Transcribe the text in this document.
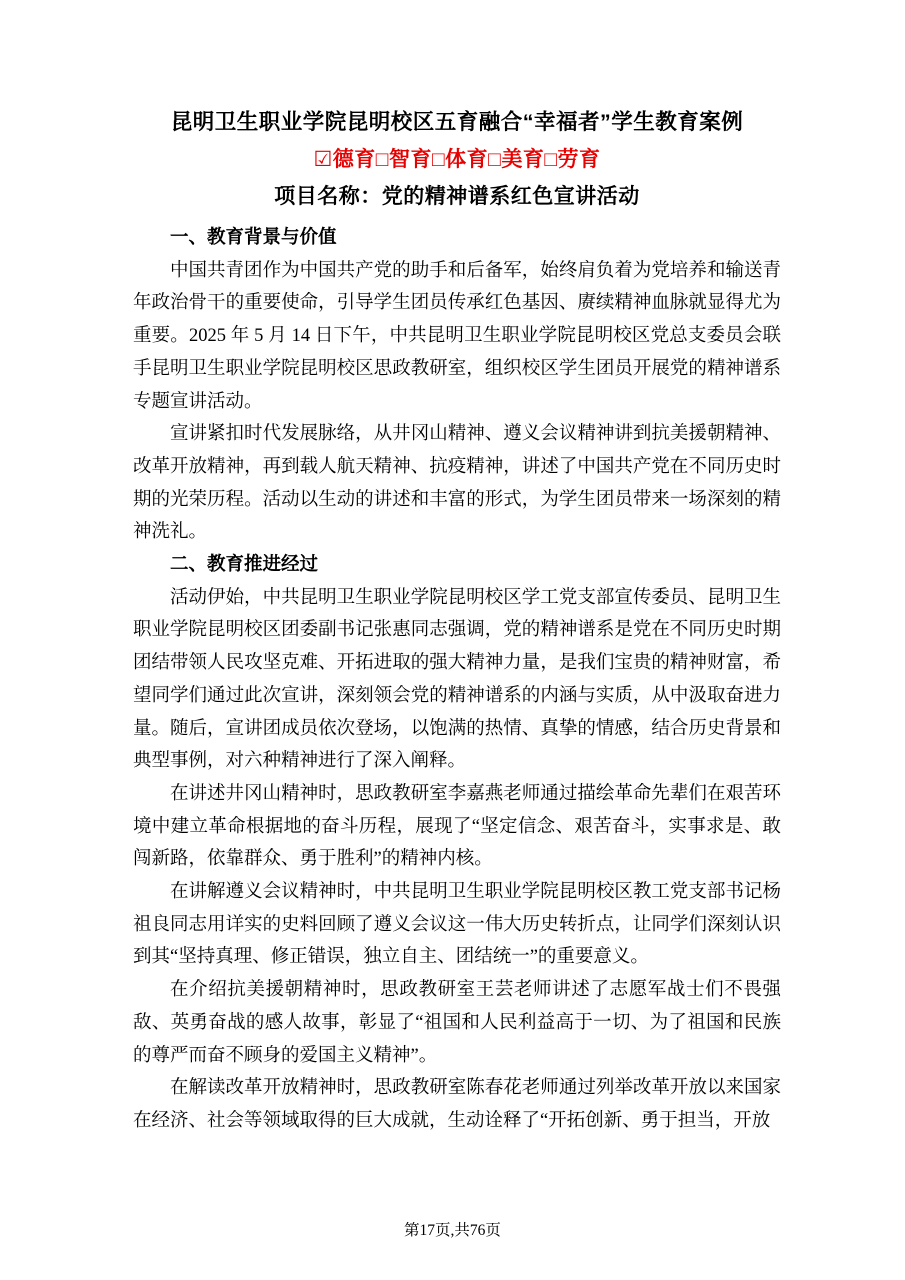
昆明卫生职业学院昆明校区五育融合“幸福者”学生教育案例
☑德育□智育□体育□美育□劳育
项目名称：党的精神谱系红色宣讲活动

一、教育背景与价值

中国共青团作为中国共产党的助手和后备军，始终肩负着为党培养和输送青年政治骨干的重要使命，引导学生团员传承红色基因、赓续精神血脉就显得尤为重要。2025 年 5 月 14 日下午，中共昆明卫生职业学院昆明校区党总支委员会联手昆明卫生职业学院昆明校区思政教研室，组织校区学生团员开展党的精神谱系专题宣讲活动。

宣讲紧扣时代发展脉络，从井冈山精神、遵义会议精神讲到抗美援朝精神、改革开放精神，再到载人航天精神、抗疫精神，讲述了中国共产党在不同历史时期的光荣历程。活动以生动的讲述和丰富的形式，为学生团员带来一场深刻的精神洗礼。

二、教育推进经过

活动伊始，中共昆明卫生职业学院昆明校区学工党支部宣传委员、昆明卫生职业学院昆明校区团委副书记张惠同志强调，党的精神谱系是党在不同历史时期团结带领人民攻坚克难、开拓进取的强大精神力量，是我们宝贵的精神财富，希望同学们通过此次宣讲，深刻领会党的精神谱系的内涵与实质，从中汲取奋进力量。随后，宣讲团成员依次登场，以饱满的热情、真挚的情感，结合历史背景和典型事例，对六种精神进行了深入阐释。

在讲述井冈山精神时，思政教研室李嘉燕老师通过描绘革命先辈们在艰苦环境中建立革命根据地的奋斗历程，展现了“坚定信念、艰苦奋斗，实事求是、敢闯新路，依靠群众、勇于胜利”的精神内核。

在讲解遵义会议精神时，中共昆明卫生职业学院昆明校区教工党支部书记杨祖良同志用详实的史料回顾了遵义会议这一伟大历史转折点，让同学们深刻认识到其“坚持真理、修正错误，独立自主、团结统一”的重要意义。

在介绍抗美援朝精神时，思政教研室王芸老师讲述了志愿军战士们不畏强敌、英勇奋战的感人故事，彰显了“祖国和人民利益高于一切、为了祖国和民族的尊严而奋不顾身的爱国主义精神”。

在解读改革开放精神时，思政教研室陈春花老师通过列举改革开放以来国家在经济、社会等领域取得的巨大成就，生动诠释了“开拓创新、勇于担当，开放

第17页,共76页
